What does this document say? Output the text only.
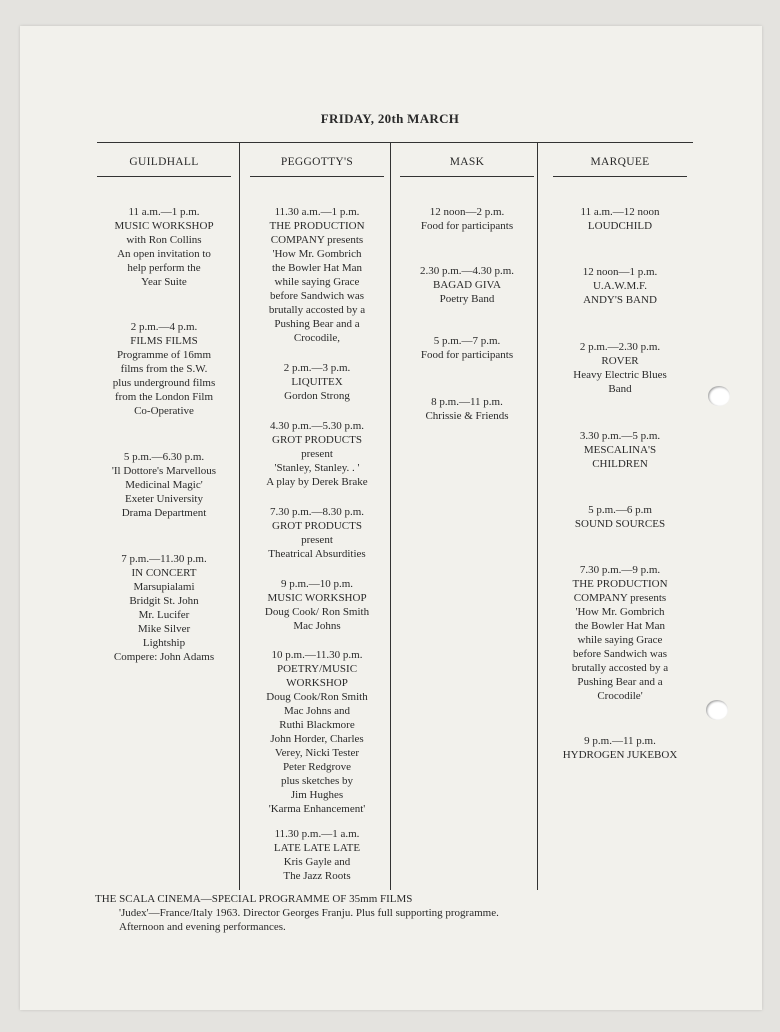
FRIDAY, 20th MARCH
GUILDHALL
11 a.m.—1 p.m.
MUSIC WORKSHOP
with Ron Collins
An open invitation to
help perform the
Year Suite
2 p.m.—4 p.m.
FILMS FILMS
Programme of 16mm
films from the S.W.
plus underground films
from the London Film
Co-Operative
5 p.m.—6.30 p.m.
'Il Dottore's Marvellous
Medicinal Magic'
Exeter University
Drama Department
7 p.m.—11.30 p.m.
IN CONCERT
Marsupialami
Bridgit St. John
Mr. Lucifer
Mike Silver
Lightship
Compere: John Adams
PEGGOTTY'S
11.30 a.m.—1 p.m.
THE PRODUCTION
COMPANY presents
'How Mr. Gombrich
the Bowler Hat Man
while saying Grace
before Sandwich was
brutally accosted by a
Pushing Bear and a
Crocodile,
2 p.m.—3 p.m.
LIQUITEX
Gordon Strong
4.30 p.m.—5.30 p.m.
GROT PRODUCTS
present
'Stanley, Stanley. . '
A play by Derek Brake
7.30 p.m.—8.30 p.m.
GROT PRODUCTS
present
Theatrical Absurdities
9 p.m.—10 p.m.
MUSIC WORKSHOP
Doug Cook/ Ron Smith
Mac Johns
10 p.m.—11.30 p.m.
POETRY/MUSIC
WORKSHOP
Doug Cook/Ron Smith
Mac Johns and
Ruthi Blackmore
John Horder, Charles
Verey, Nicki Tester
Peter Redgrove
plus sketches by
Jim Hughes
'Karma Enhancement'
11.30 p.m.—1 a.m.
LATE LATE LATE
Kris Gayle and
The Jazz Roots
MASK
12 noon—2 p.m.
Food for participants
2.30 p.m.—4.30 p.m.
BAGAD GIVA
Poetry Band
5 p.m.—7 p.m.
Food for participants
8 p.m.—11 p.m.
Chrissie & Friends
MARQUEE
11 a.m.—12 noon
LOUDCHILD
12 noon—1 p.m.
U.A.W.M.F.
ANDY'S BAND
2 p.m.—2.30 p.m.
ROVER
Heavy Electric Blues
Band
3.30 p.m.—5 p.m.
MESCALINA'S
CHILDREN
5 p.m.—6 p.m
SOUND SOURCES
7.30 p.m.—9 p.m.
THE PRODUCTION
COMPANY presents
'How Mr. Gombrich
the Bowler Hat Man
while saying Grace
before Sandwich was
brutally accosted by a
Pushing Bear and a
Crocodile'
9 p.m.—11 p.m.
HYDROGEN JUKEBOX
THE SCALA CINEMA—SPECIAL PROGRAMME OF 35mm FILMS
'Judex'—France/Italy 1963. Director Georges Franju. Plus full supporting programme.
Afternoon and evening performances.
